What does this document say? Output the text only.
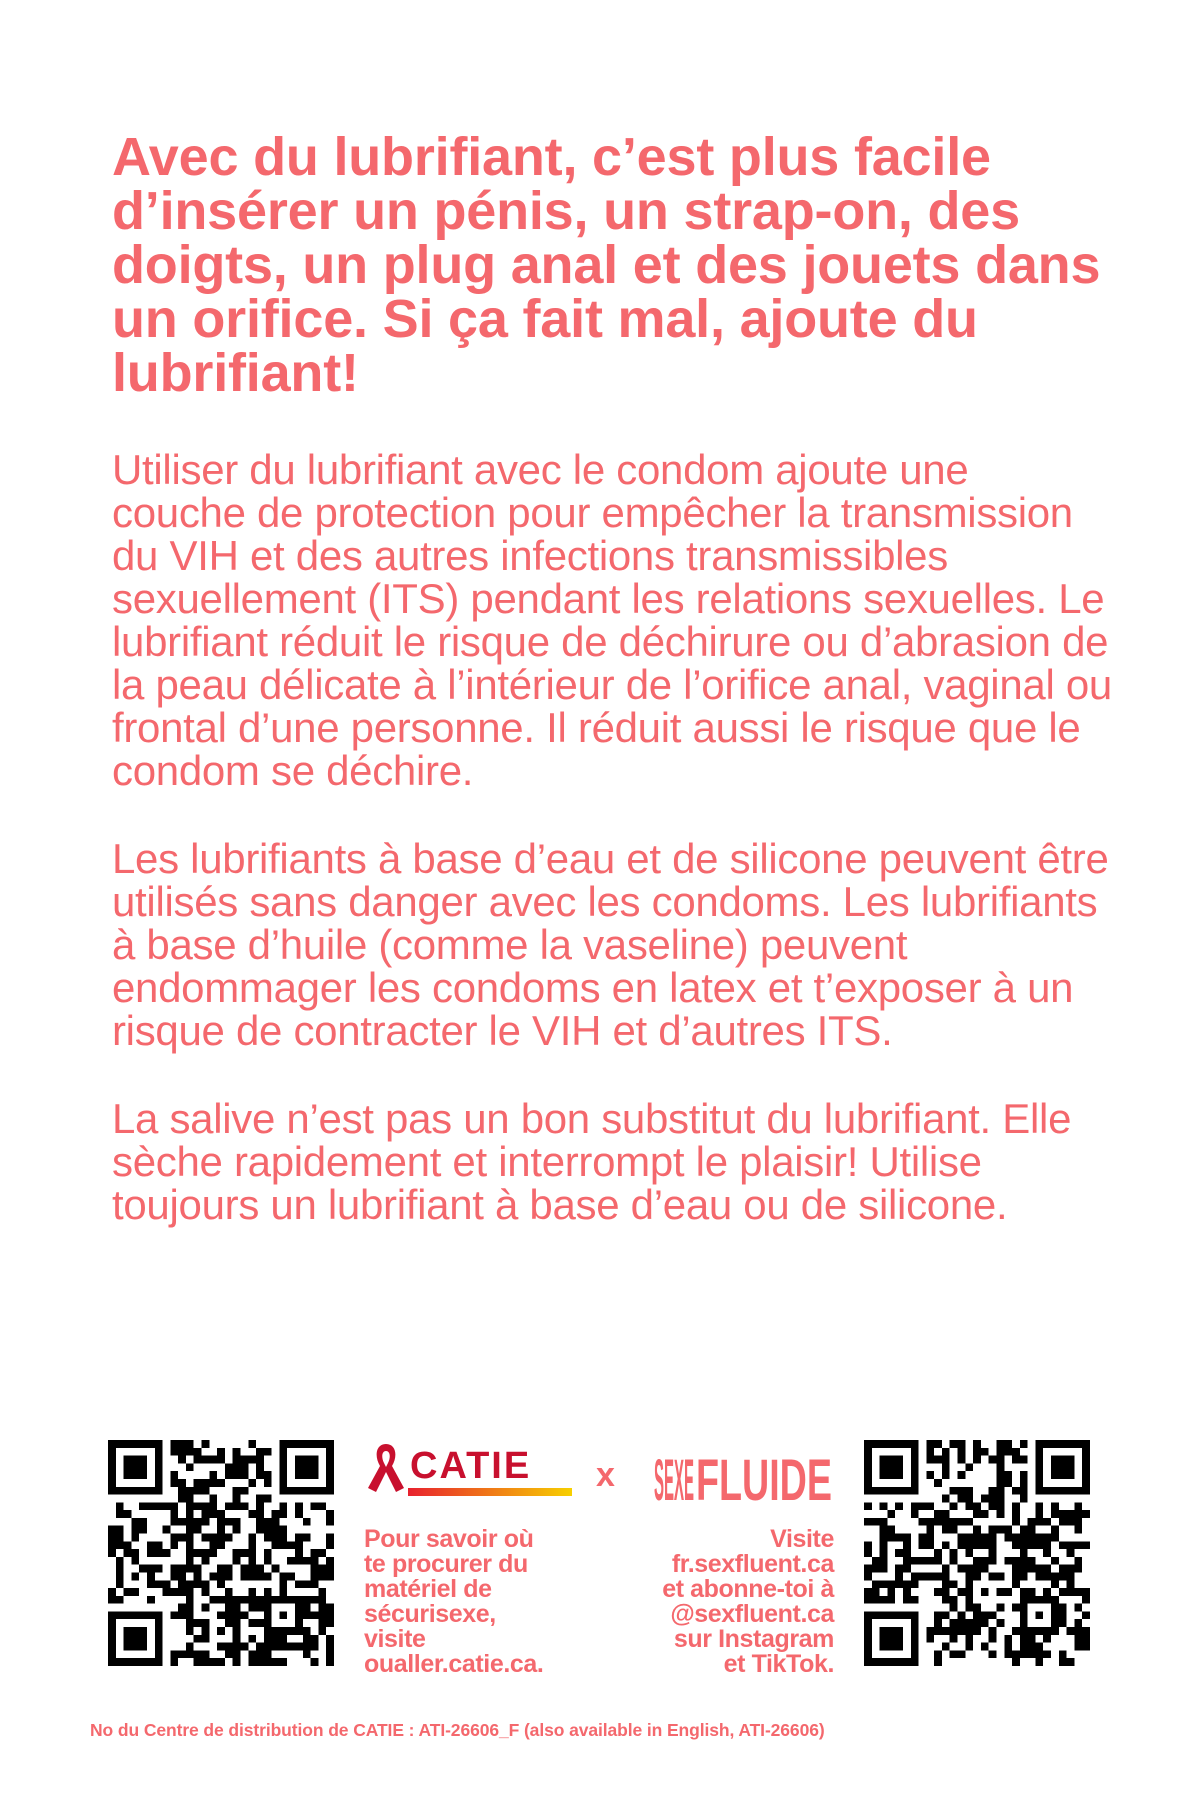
Avec du lubrifiant, c’est plus facile d’insérer un pénis, un strap-on, des doigts, un plug anal et des jouets dans un orifice. Si ça fait mal, ajoute du lubrifiant!

Utiliser du lubrifiant avec le condom ajoute une couche de protection pour empêcher la transmission du VIH et des autres infections transmissibles sexuellement (ITS) pendant les relations sexuelles. Le lubrifiant réduit le risque de déchirure ou d’abrasion de la peau délicate à l’intérieur de l’orifice anal, vaginal ou frontal d’une personne. Il réduit aussi le risque que le condom se déchire.

Les lubrifiants à base d’eau et de silicone peuvent être utilisés sans danger avec les condoms. Les lubrifiants à base d’huile (comme la vaseline) peuvent endommager les condoms en latex et t’exposer à un risque de contracter le VIH et d’autres ITS.

La salive n’est pas un bon substitut du lubrifiant. Elle sèche rapidement et interrompt le plaisir! Utilise toujours un lubrifiant à base d’eau ou de silicone.

CATIE x SEXE FLUIDE

Pour savoir où
te procurer du
matériel de
sécurisexe,
visite
oualler.catie.ca.

Visite
fr.sexfluent.ca
et abonne-toi à
@sexfluent.ca
sur Instagram
et TikTok.

No du Centre de distribution de CATIE : ATI-26606_F (also available in English, ATI-26606)
